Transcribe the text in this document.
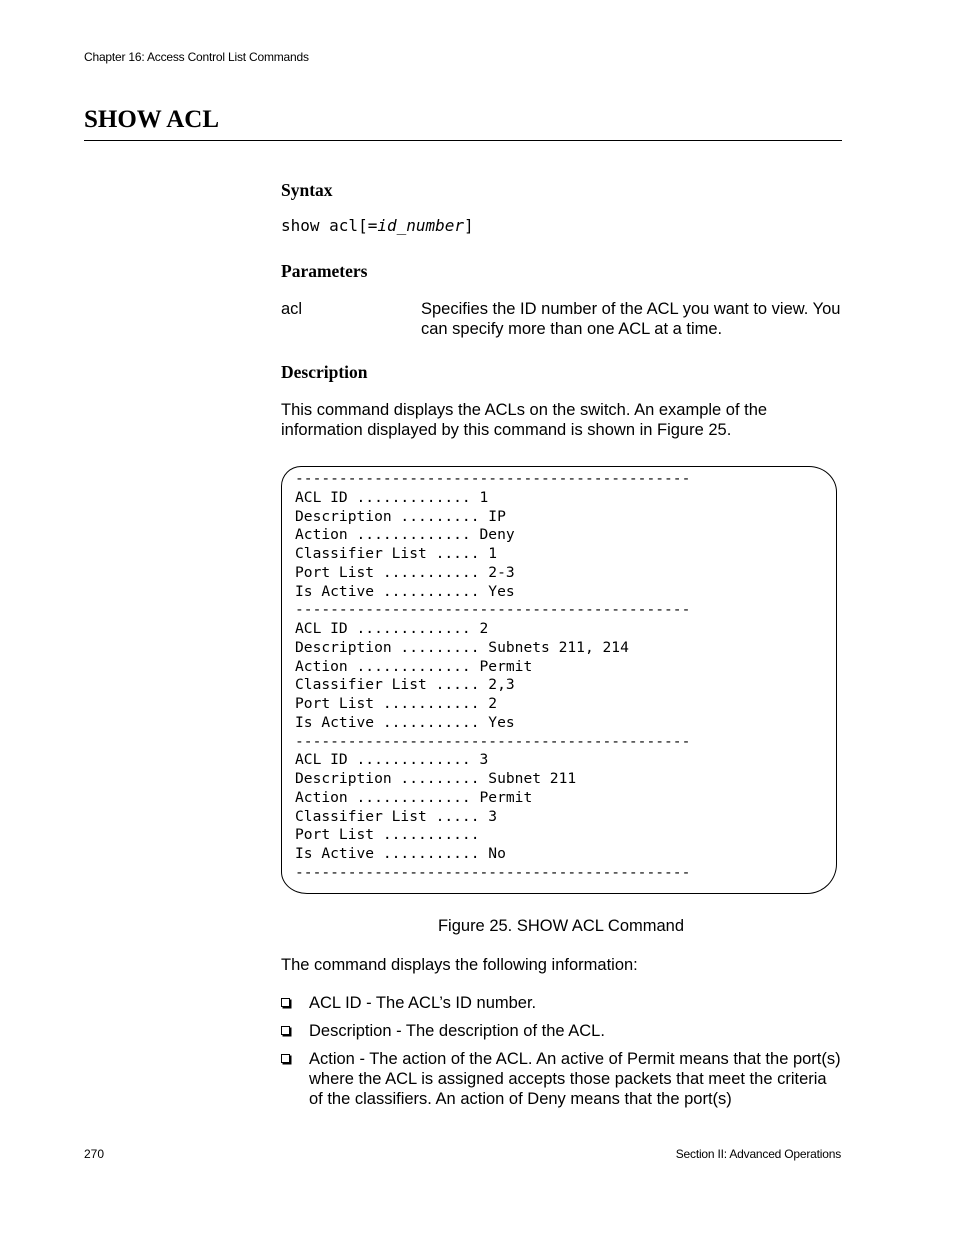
Chapter 16: Access Control List Commands
SHOW ACL
Syntax
show acl[=id_number]
Parameters
acl	Specifies the ID number of the ACL you want to view. You can specify more than one ACL at a time.
Description
This command displays the ACLs on the switch. An example of the information displayed by this command is shown in Figure 25.
---------------------------------------------
ACL ID ............. 1
Description ......... IP
Action ............. Deny
Classifier List ..... 1
Port List ........... 2-3
Is Active ........... Yes
---------------------------------------------
ACL ID ............. 2
Description ......... Subnets 211, 214
Action ............. Permit
Classifier List ..... 2,3
Port List ........... 2
Is Active ........... Yes
---------------------------------------------
ACL ID ............. 3
Description ......... Subnet 211
Action ............. Permit
Classifier List ..... 3
Port List ...........
Is Active ........... No
---------------------------------------------
Figure 25. SHOW ACL Command
The command displays the following information:
ACL ID - The ACL’s ID number.
Description - The description of the ACL.
Action - The action of the ACL. An active of Permit means that the port(s) where the ACL is assigned accepts those packets that meet the criteria of the classifiers. An action of Deny means that the port(s)
270	Section II: Advanced Operations
